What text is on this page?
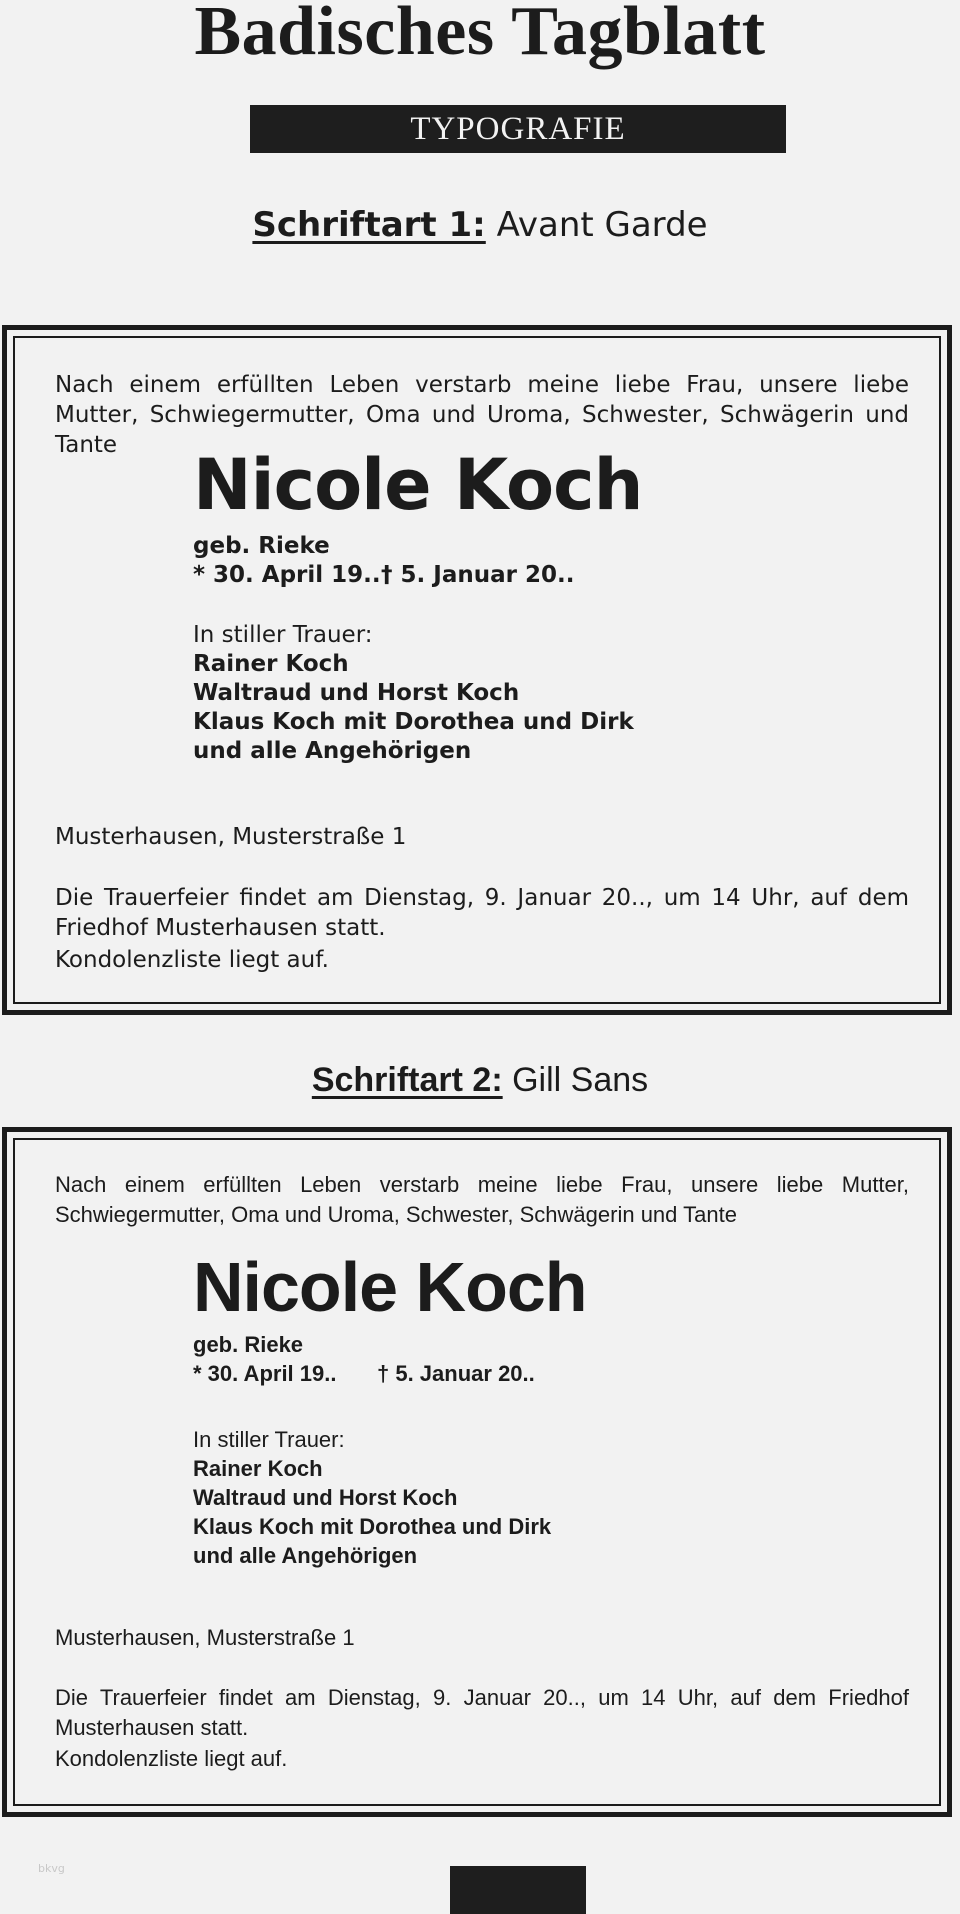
Badisches Tagblatt
TYPOGRAFIE
Schriftart 1: Avant Garde
Nach einem erfüllten Leben verstarb meine liebe Frau, unsere liebe Mutter, Schwiegermutter, Oma und Uroma, Schwester, Schwägerin und Tante	Nicole Koch
geb. Rieke
* 30. April 19.. † 5. Januar 20..
In stiller Trauer:
Rainer Koch
Waltraud und Horst Koch
Klaus Koch mit Dorothea und Dirk
und alle Angehörigen
Musterhausen, Musterstraße 1
Die Trauerfeier findet am Dienstag, 9. Januar 20.., um 14 Uhr, auf dem Friedhof Musterhausen statt.
Kondolenzliste liegt auf.
Schriftart 2: Gill Sans
Nach einem erfüllten Leben verstarb meine liebe Frau, unsere liebe Mutter, Schwiegermutter, Oma und Uroma, Schwester, Schwägerin und Tante
Nicole Koch
geb. Rieke
* 30. April 19.. † 5. Januar 20..
In stiller Trauer:
Rainer Koch
Waltraud und Horst Koch
Klaus Koch mit Dorothea und Dirk
und alle Angehörigen
Musterhausen, Musterstraße 1
Die Trauerfeier findet am Dienstag, 9. Januar 20.., um 14 Uhr, auf dem Friedhof Musterhausen statt.
Kondolenzliste liegt auf.
bkvg
